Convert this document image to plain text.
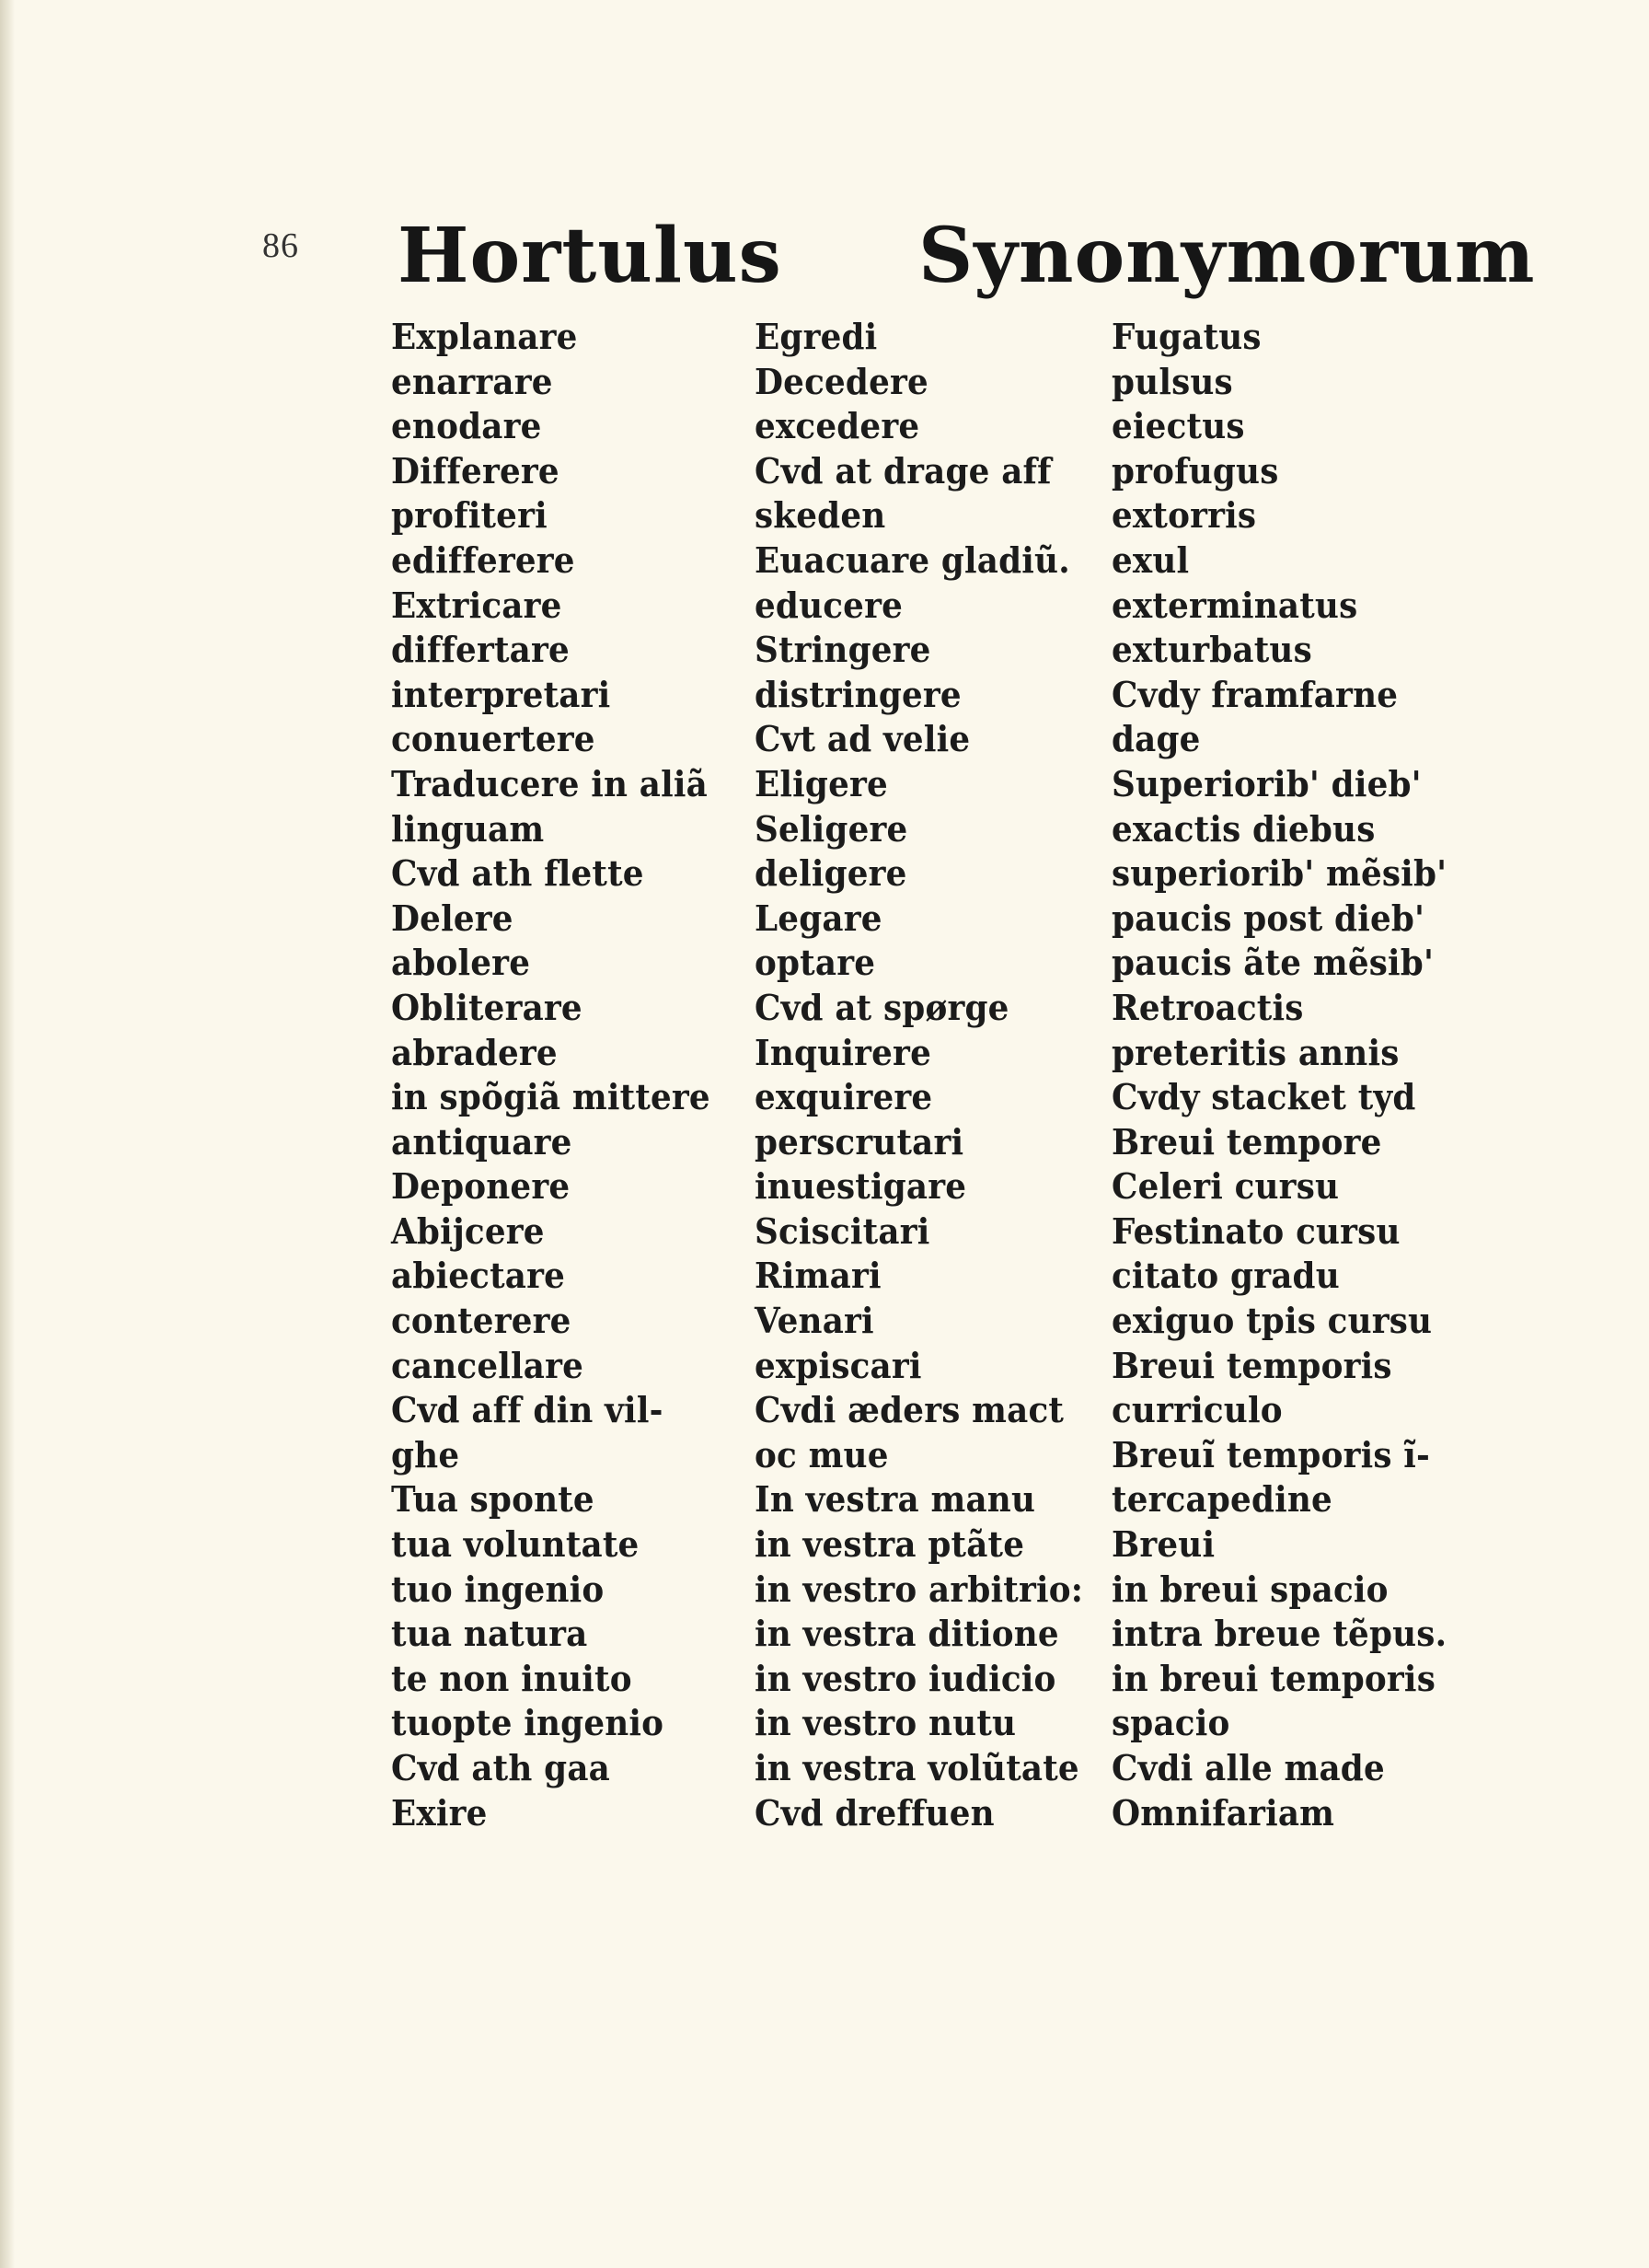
86 Hortulus Synonymorum
Explanare
enarrare
enodare
Differere
profiteri
edifferere
Extricare
differtare
interpretari
conuertere
Traducere in aliã
linguam
Cvd ath flette
Delere
abolere
Obliterare
abradere
in spõgiã mittere
antiquare
Deponere
Abijcere
abiectare
conterere
cancellare
Cvd aff din vil-
ghe
Tua sponte
tua voluntate
tuo ingenio
tua natura
te non inuito
tuopte ingenio
Cvd ath gaa
Exire
Egredi
Decedere
excedere
Cvd at drage aff
skeden
Euacuare gladiũ.
educere
Stringere
distringere
Cvt ad velie
Eligere
Seligere
deligere
Legare
optare
Cvd at spørge
Inquirere
exquirere
perscrutari
inuestigare
Sciscitari
Rimari
Venari
expiscari
Cvdi æders mact
oc mue
In vestra manu
in vestra ptãte
in vestro arbitrio:
in vestra ditione
in vestro iudicio
in vestro nutu
in vestra volũtate
Cvd dreffuen
Fugatus
pulsus
eiectus
profugus
extorris
exul
exterminatus
exturbatus
Cvdy framfarne
dage
Superiorib' dieb'
exactis diebus
superiorib' mẽsib'
paucis post dieb'
paucis ãte mẽsib'
Retroactis
preteritis annis
Cvdy stacket tyd
Breui tempore
Celeri cursu
Festinato cursu
citato gradu
exiguo tpis cursu
Breui temporis
curriculo
Breuĩ temporis ĩ-
tercapedine
Breui
in breui spacio
intra breue tẽpus.
in breui temporis
spacio
Cvdi alle made
Omnifariam
